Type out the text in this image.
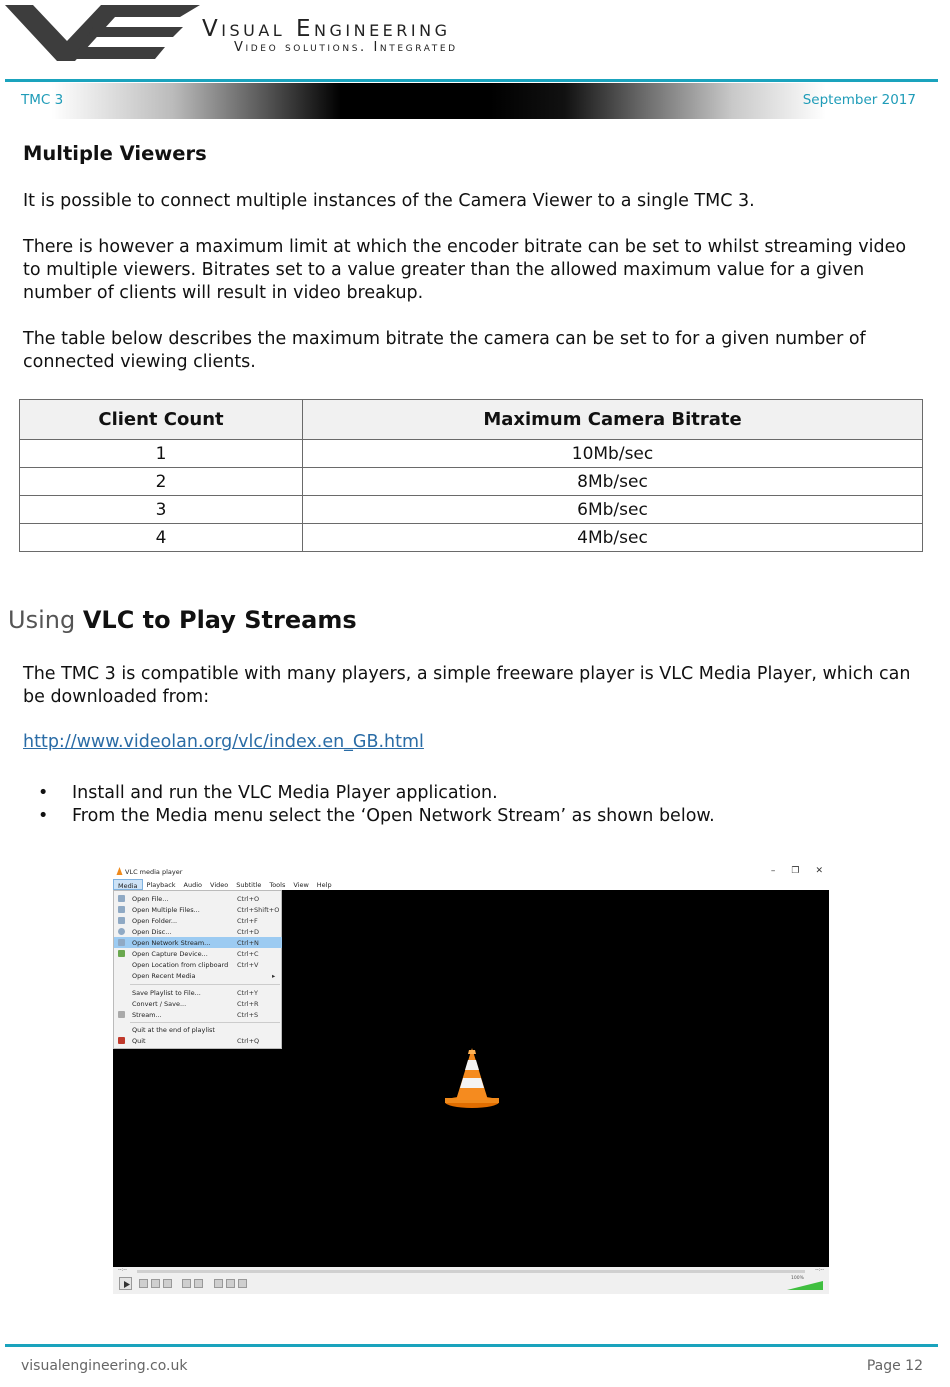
Visual Engineering
Video solutions. Integrated
TMC 3	September 2017
Multiple Viewers
It is possible to connect multiple instances of the Camera Viewer to a single TMC 3.
There is however a maximum limit at which the encoder bitrate can be set to whilst streaming video to multiple viewers. Bitrates set to a value greater than the allowed maximum value for a given number of clients will result in video breakup.
The table below describes the maximum bitrate the camera can be set to for a given number of connected viewing clients.
Client Count	Maximum Camera Bitrate
1	10Mb/sec
2	8Mb/sec
3	6Mb/sec
4	4Mb/sec
Using VLC to Play Streams
The TMC 3 is compatible with many players, a simple freeware player is VLC Media Player, which can be downloaded from:
http://www.videolan.org/vlc/index.en_GB.html
• Install and run the VLC Media Player application.
• From the Media menu select the ‘Open Network Stream’ as shown below.
VLC media player	– ❐ ✕
Media	Playback	Audio	Video	Subtitle	Tools	View	Help
Open File...	Ctrl+O
Open Multiple Files...	Ctrl+Shift+O
Open Folder...	Ctrl+F
Open Disc...	Ctrl+D
Open Network Stream...	Ctrl+N
Open Capture Device...	Ctrl+C
Open Location from clipboard Ctrl+V
Open Recent Media	▸
Save Playlist to File...	Ctrl+Y
Convert / Save...	Ctrl+R
Stream...	Ctrl+S
Quit at the end of playlist
Quit	Ctrl+Q
--:--	--:--
100%
visualengineering.co.uk	Page 12
